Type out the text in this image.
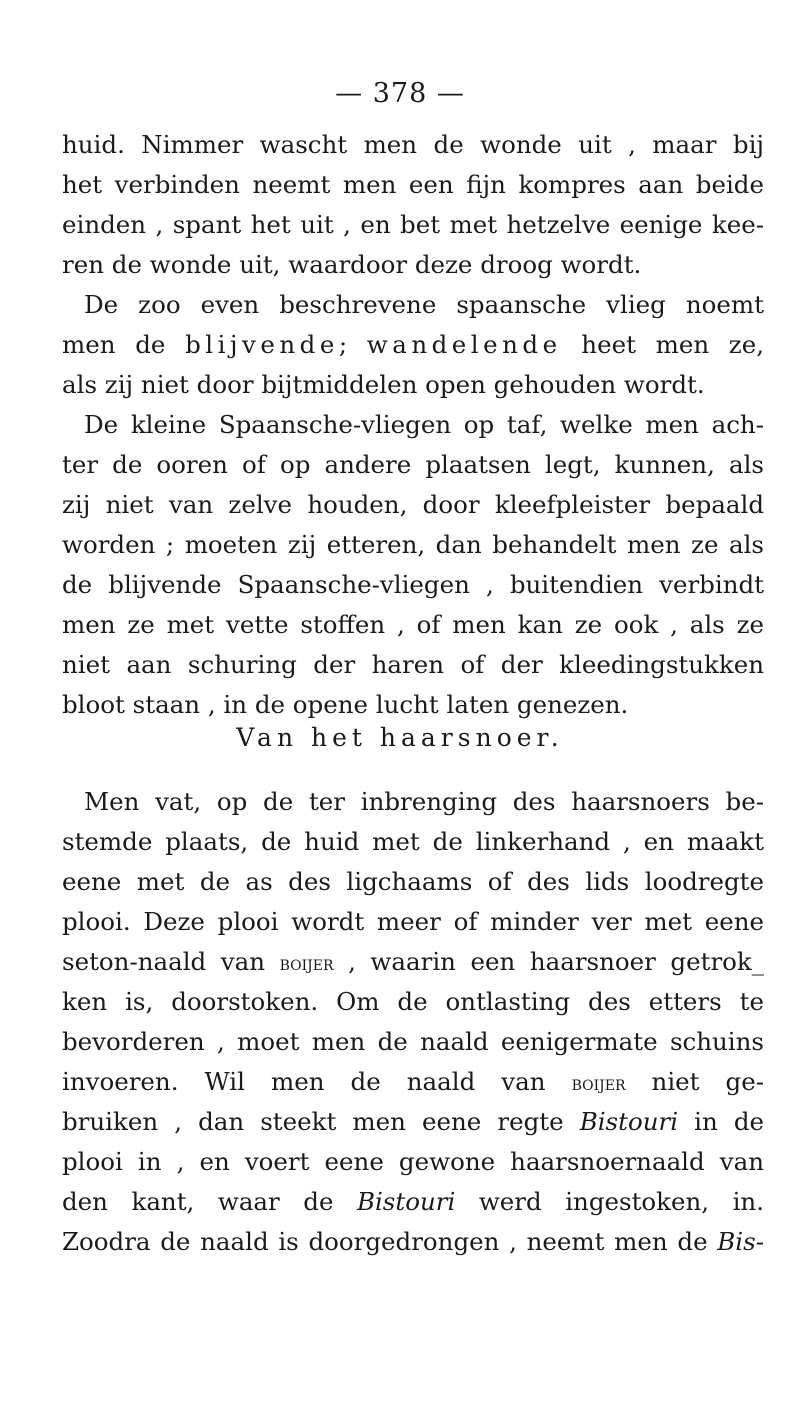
— 378 —
huid. Nimmer wascht men de wonde uit , maar bij
het verbinden neemt men een fijn kompres aan beide
einden , spant het uit , en bet met hetzelve eenige kee-
ren de wonde uit, waardoor deze droog wordt.
De zoo even beschrevene spaansche vlieg noemt
men de blijvende; wandelende heet men ze,
als zij niet door bijtmiddelen open gehouden wordt.
De kleine Spaansche-vliegen op taf, welke men ach-
ter de ooren of op andere plaatsen legt, kunnen, als
zij niet van zelve houden, door kleefpleister bepaald
worden ; moeten zij etteren, dan behandelt men ze als
de blijvende Spaansche-vliegen , buitendien verbindt
men ze met vette stoffen , of men kan ze ook , als ze
niet aan schuring der haren of der kleedingstukken
bloot staan , in de opene lucht laten genezen.
Van het haarsnoer.
Men vat, op de ter inbrenging des haarsnoers be-
stemde plaats, de huid met de linkerhand , en maakt
eene met de as des ligchaams of des lids loodregte
plooi. Deze plooi wordt meer of minder ver met eene
seton-naald van boijer , waarin een haarsnoer getrok_
ken is, doorstoken. Om de ontlasting des etters te
bevorderen , moet men de naald eenigermate schuins
invoeren. Wil men de naald van boijer niet ge-
bruiken , dan steekt men eene regte Bistouri in de
plooi in , en voert eene gewone haarsnoernaald van
den kant, waar de Bistouri werd ingestoken, in.
Zoodra de naald is doorgedrongen , neemt men de Bis-
